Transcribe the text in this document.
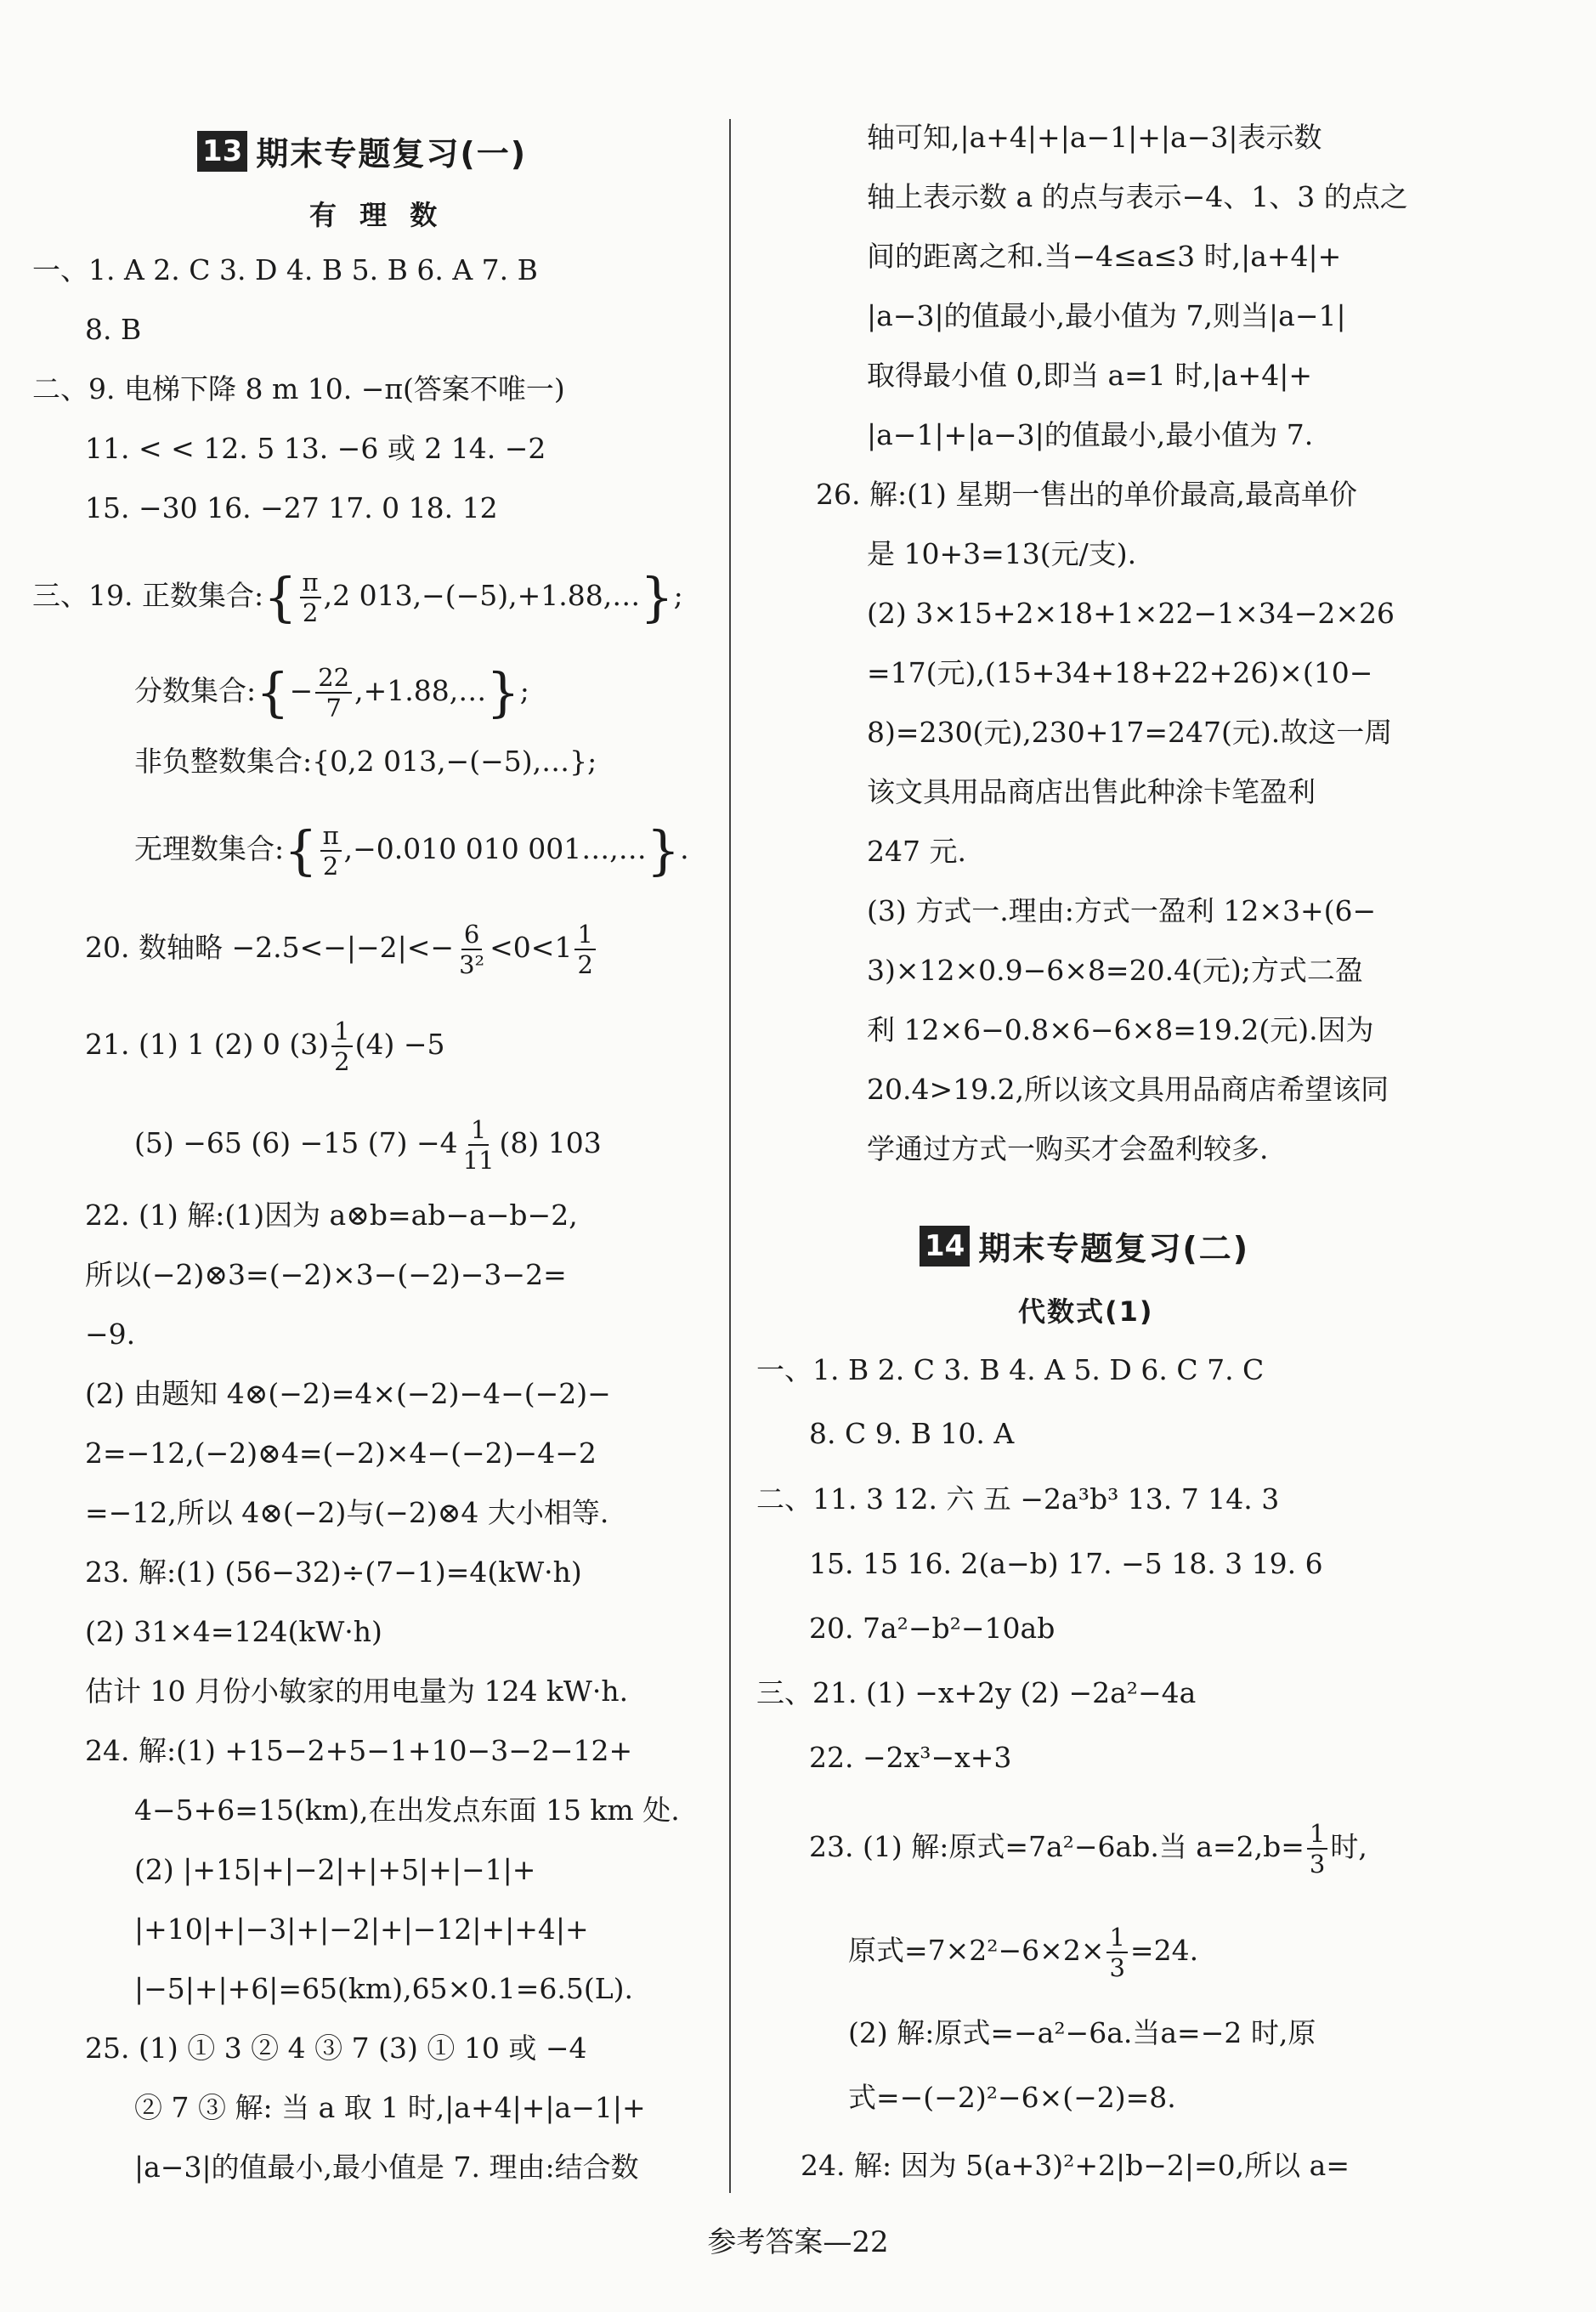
13 期末专题复习(一)
有 理 数
一、1. A 2. C 3. D 4. B 5. B 6. A 7. B
8. B
二、9. 电梯下降 8 m 10. −π(答案不唯一)
11. < < 12. 5 13. −6 或 2 14. −2
15. −30 16. −27 17. 0 18. 12
三、19. 正数集合:{ $\frac{\pi}{2} ,2$ 013,−(−5),+1.88,…};
分数集合:{− $\frac{22}{7}$ ,+1.88,…};
非负整数集合:{0,2 013,−(−5),…};
无理数集合:{ $\frac{\pi}{2} ,-0.010$ 010 001…,…}.
20. 数轴略 $-2.5<-|-2|<- \frac{6}{\text{3²}} <0<1 \frac{1}{2}$
21. (1) 1 (2) 0 $(3) \frac{1}{2} (4) -5$
(5) −65 (6) −15 $(7) -4 \frac{1}{11} (8)$ 103
22. (1) 解:(1)因为 a⊗b=ab−a−b−2,
所以(−2)⊗3=(−2)×3−(−2)−3−2=
−9.
(2) 由题知 4⊗(−2)=4×(−2)−4−(−2)−
2=−12,(−2)⊗4=(−2)×4−(−2)−4−2
=−12,所以 4⊗(−2)与(−2)⊗4 大小相等.
23. 解:(1) (56−32)÷(7−1)=4(kW·h)
(2) 31×4=124(kW·h)
估计 10 月份小敏家的用电量为 124 kW·h.
24. 解:(1) +15−2+5−1+10−3−2−12+
4−5+6=15(km),在出发点东面 15 km 处.
(2) |+15|+|−2|+|+5|+|−1|+
|+10|+|−3|+|−2|+|−12|+|+4|+
|−5|+|+6|=65(km),65×0.1=6.5(L).
25. (1) ① 3 ② 4 ③ 7 (3) ① 10 或 −4
② 7 ③ 解: 当 a 取 1 时,|a+4|+|a−1|+
|a−3|的值最小,最小值是 7. 理由:结合数
轴可知,|a+4|+|a−1|+|a−3|表示数
轴上表示数 a 的点与表示−4、1、3 的点之
间的距离之和.当−4≤a≤3 时,|a+4|+
|a−3|的值最小,最小值为 7,则当|a−1|
取得最小值 0,即当 a=1 时,|a+4|+
|a−1|+|a−3|的值最小,最小值为 7.
26. 解:(1) 星期一售出的单价最高,最高单价
是 10+3=13(元/支).
(2) 3×15+2×18+1×22−1×34−2×26
=17(元),(15+34+18+22+26)×(10−
8)=230(元),230+17=247(元).故这一周
该文具用品商店出售此种涂卡笔盈利
247 元.
(3) 方式一.理由:方式一盈利 12×3+(6−
3)×12×0.9−6×8=20.4(元);方式二盈
利 12×6−0.8×6−6×8=19.2(元).因为
20.4>19.2,所以该文具用品商店希望该同
学通过方式一购买才会盈利较多.
14 期末专题复习(二)
代数式(1)
一、1. B 2. C 3. B 4. A 5. D 6. C 7. C
8. C 9. B 10. A
二、11. 3 12. 六 五 −2a³b³ 13. 7 14. 3
15. 15 16. 2(a−b) 17. −5 18. 3 19. 6
20. 7a²−b²−10ab
三、21. (1) −x+2y (2) −2a²−4a
22. −2x³−x+3
23. (1) 解:原式=7a²−6ab.当 $a=2,b= \frac{1}{3}$ 时,
原式$=7\times 2^2-6\times 2\times \frac{1}{3} =24$.
(2) 解:原式=−a²−6a.当a=−2 时,原
式=−(−2)²−6×(−2)=8.
24. 解: 因为 5(a+3)²+2|b−2|=0,所以 a=
参考答案—22
